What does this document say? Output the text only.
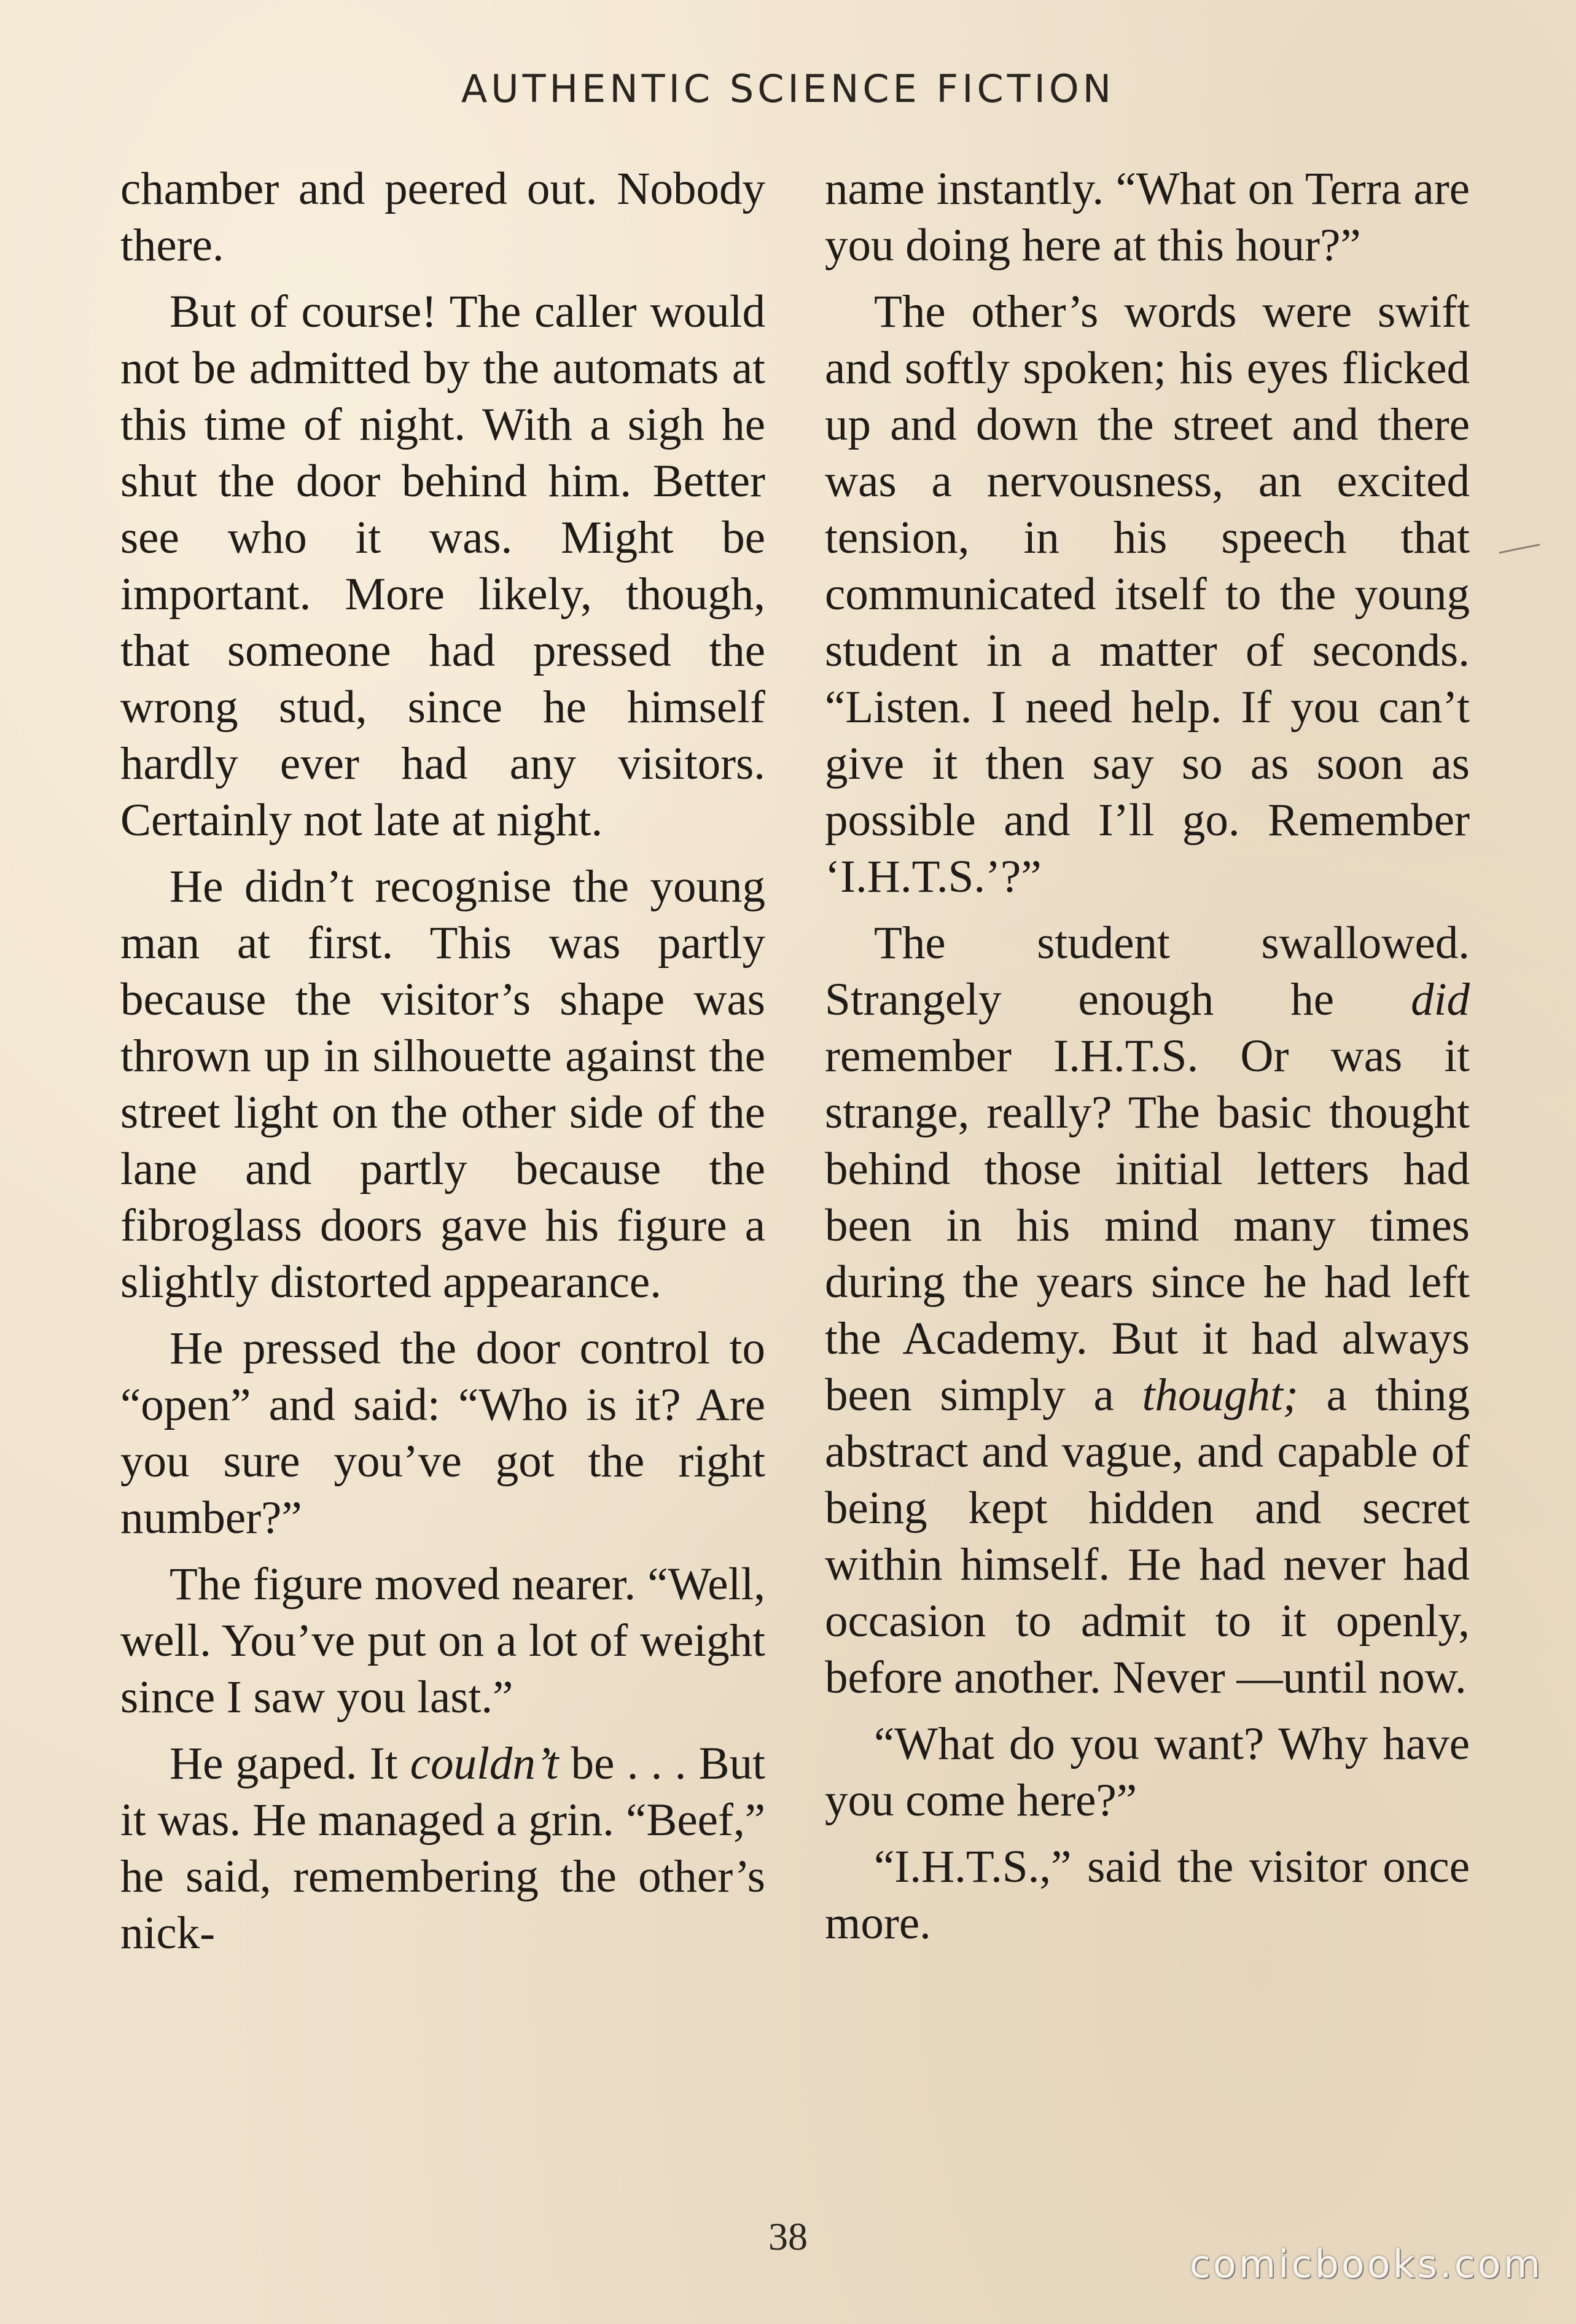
AUTHENTIC SCIENCE FICTION

chamber and peered out. Nobody there.

But of course! The caller would not be admitted by the automats at this time of night. With a sigh he shut the door behind him. Better see who it was. Might be important. More likely, though, that someone had pressed the wrong stud, since he himself hardly ever had any visitors. Certainly not late at night.

He didn’t recognise the young man at first. This was partly because the visitor’s shape was thrown up in silhouette against the street light on the other side of the lane and partly because the fibroglass doors gave his figure a slightly distorted appearance.

He pressed the door control to “open” and said: “Who is it? Are you sure you’ve got the right number?”

The figure moved nearer. “Well, well. You’ve put on a lot of weight since I saw you last.”

He gaped. It couldn’t be . . . But it was. He managed a grin. “Beef,” he said, remembering the other’s nick-

name instantly. “What on Terra are you doing here at this hour?”

The other’s words were swift and softly spoken; his eyes flicked up and down the street and there was a nervousness, an excited tension, in his speech that communicated itself to the young student in a matter of seconds. “Listen. I need help. If you can’t give it then say so as soon as possible and I’ll go. Remember ‘I.H.T.S.’?”

The student swallowed. Strangely enough he did remember I.H.T.S. Or was it strange, really? The basic thought behind those initial letters had been in his mind many times during the years since he had left the Academy. But it had always been simply a thought; a thing abstract and vague, and capable of being kept hidden and secret within himself. He had never had occasion to admit to it openly, before another. Never —until now.

“What do you want? Why have you come here?”

“I.H.T.S.,” said the visitor once more.

38
comicbooks.com
